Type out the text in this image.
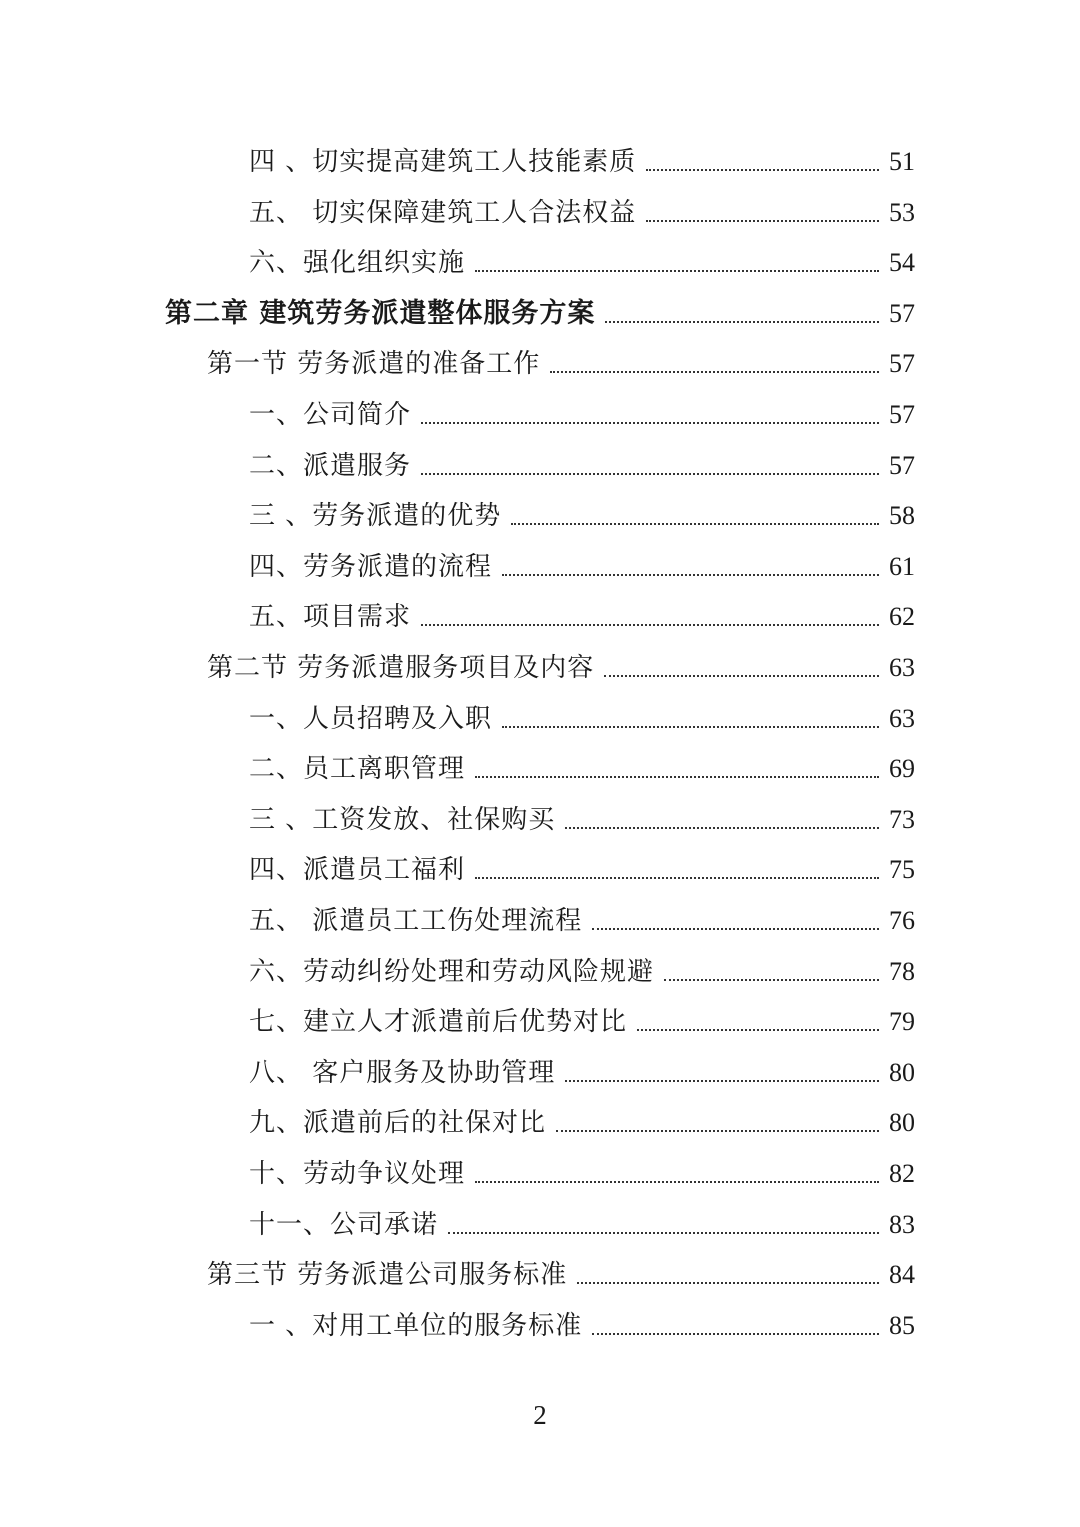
四 、切实提高建筑工人技能素质	51
五、 切实保障建筑工人合法权益	53
六、强化组织实施	54
第二章 建筑劳务派遣整体服务方案	57
第一节 劳务派遣的准备工作	57
一、公司简介	57
二、派遣服务	57
三 、劳务派遣的优势	58
四、劳务派遣的流程	61
五、项目需求	62
第二节 劳务派遣服务项目及内容	63
一、人员招聘及入职	63
二、员工离职管理	69
三 、工资发放、社保购买	73
四、派遣员工福利	75
五、 派遣员工工伤处理流程	76
六、劳动纠纷处理和劳动风险规避	78
七、建立人才派遣前后优势对比	79
八、 客户服务及协助管理	80
九、派遣前后的社保对比	80
十、劳动争议处理	82
十一、公司承诺	83
第三节 劳务派遣公司服务标准	84
一 、对用工单位的服务标准	85
2
